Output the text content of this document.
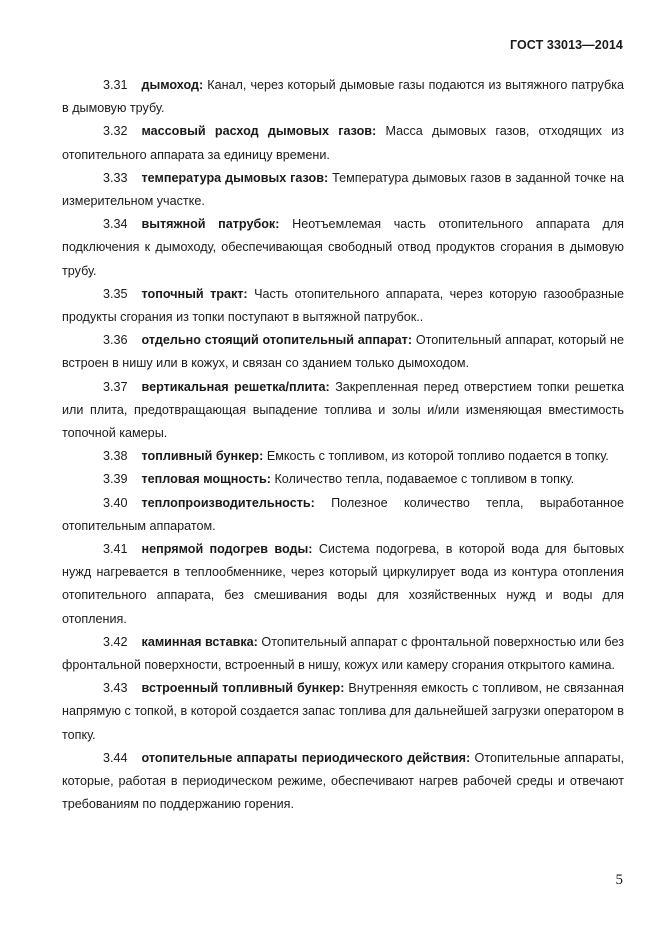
ГОСТ 33013—2014

3.31 дымоход: Канал, через который дымовые газы подаются из вытяжного патрубка в дымовую трубу.

3.32 массовый расход дымовых газов: Масса дымовых газов, отходящих из отопительного аппарата за единицу времени.

3.33 температура дымовых газов: Температура дымовых газов в заданной точке на измерительном участке.

3.34 вытяжной патрубок: Неотъемлемая часть отопительного аппарата для подключения к дымоходу, обеспечивающая свободный отвод продуктов сгорания в дымовую трубу.

3.35 топочный тракт: Часть отопительного аппарата, через которую газообразные продукты сгорания из топки поступают в вытяжной патрубок..

3.36 отдельно стоящий отопительный аппарат: Отопительный аппарат, который не встроен в нишу или в кожух, и связан со зданием только дымоходом.

3.37 вертикальная решетка/плита: Закрепленная перед отверстием топки решетка или плита, предотвращающая выпадение топлива и золы и/или изменяющая вместимость топочной камеры.

3.38 топливный бункер: Емкость с топливом, из которой топливо подается в топку.

3.39 тепловая мощность: Количество тепла, подаваемое с топливом в топку.

3.40 теплопроизводительность: Полезное количество тепла, выработанное отопительным аппаратом.

3.41 непрямой подогрев воды: Система подогрева, в которой вода для бытовых нужд нагревается в теплообменнике, через который циркулирует вода из контура отопления отопительного аппарата, без смешивания воды для хозяйственных нужд и воды для отопления.

3.42 каминная вставка: Отопительный аппарат с фронтальной поверхностью или без фронтальной поверхности, встроенный в нишу, кожух или камеру сгорания открытого камина.

3.43 встроенный топливный бункер: Внутренняя емкость с топливом, не связанная напрямую с топкой, в которой создается запас топлива для дальнейшей загрузки оператором в топку.

3.44 отопительные аппараты периодического действия: Отопительные аппараты, которые, работая в периодическом режиме, обеспечивают нагрев рабочей среды и отвечают требованиям по поддержанию горения.

5
